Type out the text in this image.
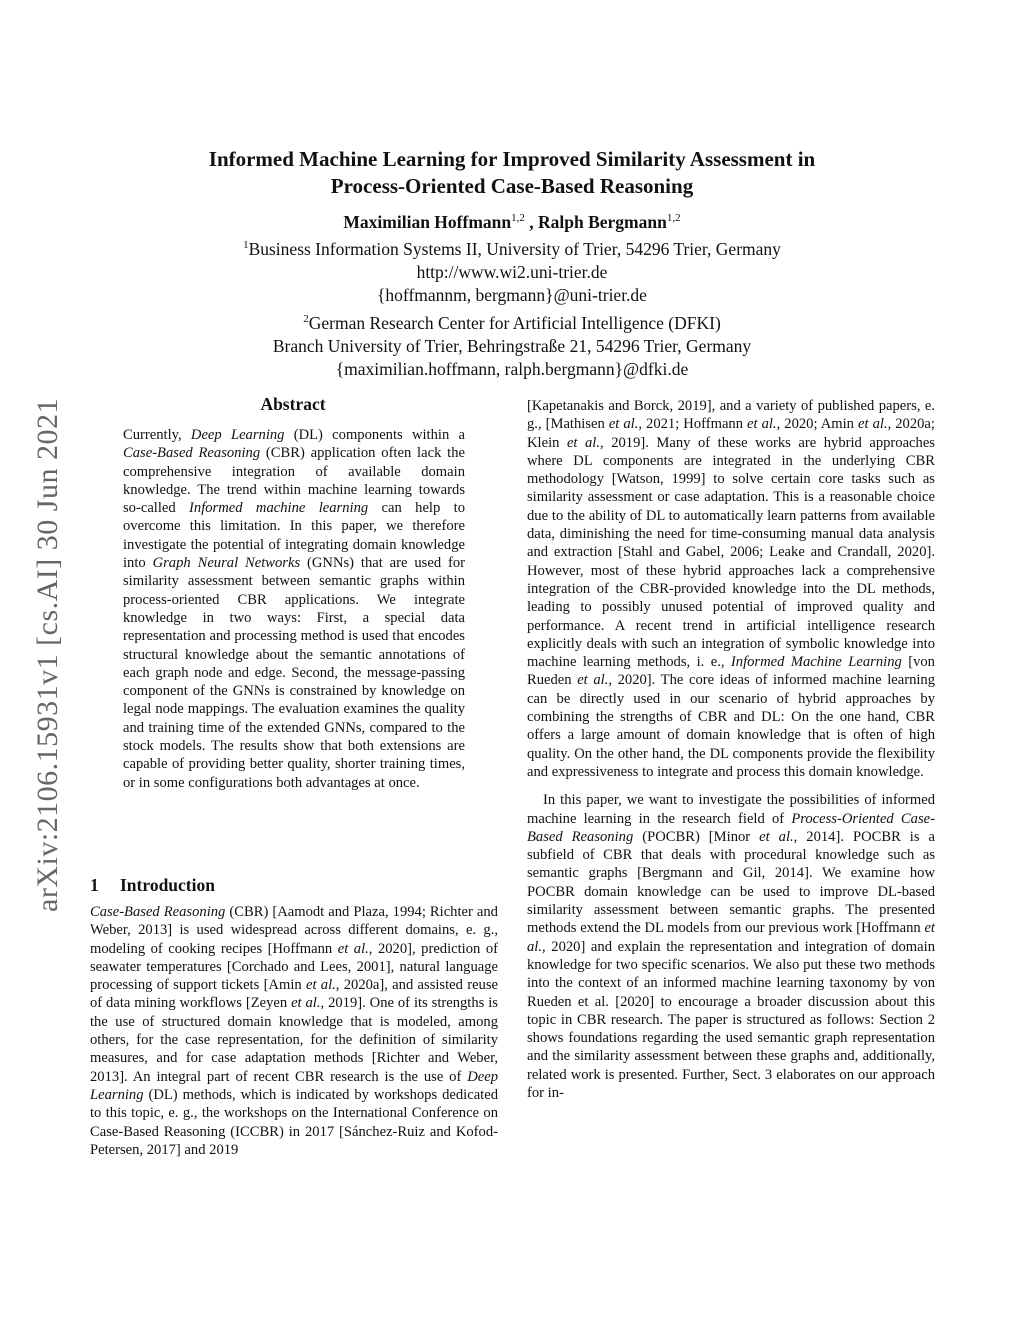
arXiv:2106.15931v1 [cs.AI] 30 Jun 2021
Informed Machine Learning for Improved Similarity Assessment in
Process-Oriented Case-Based Reasoning
Maximilian Hoffmann$^{1,2}$ , Ralph Bergmann$^{1,2}$
$^1$Business Information Systems II, University of Trier, 54296 Trier, Germany
http://www.wi2.uni-trier.de
{hoffmannm, bergmann}@uni-trier.de
$^2$German Research Center for Artificial Intelligence (DFKI)
Branch University of Trier, Behringstraße 21, 54296 Trier, Germany
{maximilian.hoffmann, ralph.bergmann}@dfki.de
Abstract

Currently, Deep Learning (DL) components within a Case-Based Reasoning (CBR) application often lack the comprehensive integration of available domain knowledge. The trend within machine learning towards so-called Informed machine learning can help to overcome this limitation. In this paper, we therefore investigate the potential of integrating domain knowledge into Graph Neural Networks (GNNs) that are used for similarity assessment between semantic graphs within process-oriented CBR applications. We integrate knowledge in two ways: First, a special data representation and processing method is used that encodes structural knowledge about the semantic annotations of each graph node and edge. Second, the message-passing component of the GNNs is constrained by knowledge on legal node mappings. The evaluation examines the quality and training time of the extended GNNs, compared to the stock models. The results show that both extensions are capable of providing better quality, shorter training times, or in some configurations both advantages at once.

1 Introduction

Case-Based Reasoning (CBR) [Aamodt and Plaza, 1994; Richter and Weber, 2013] is used widespread across different domains, e. g., modeling of cooking recipes [Hoffmann et al., 2020], prediction of seawater temperatures [Corchado and Lees, 2001], natural language processing of support tickets [Amin et al., 2020a], and assisted reuse of data mining workflows [Zeyen et al., 2019]. One of its strengths is the use of structured domain knowledge that is modeled, among others, for the case representation, for the definition of similarity measures, and for case adaptation methods [Richter and Weber, 2013]. An integral part of recent CBR research is the use of Deep Learning (DL) methods, which is indicated by workshops dedicated to this topic, e. g., the workshops on the International Conference on Case-Based Reasoning (ICCBR) in 2017 [Sánchez-Ruiz and Kofod-Petersen, 2017] and 2019

[Kapetanakis and Borck, 2019], and a variety of published papers, e. g., [Mathisen et al., 2021; Hoffmann et al., 2020; Amin et al., 2020a; Klein et al., 2019]. Many of these works are hybrid approaches where DL components are integrated in the underlying CBR methodology [Watson, 1999] to solve certain core tasks such as similarity assessment or case adaptation. This is a reasonable choice due to the ability of DL to automatically learn patterns from available data, diminishing the need for time-consuming manual data analysis and extraction [Stahl and Gabel, 2006; Leake and Crandall, 2020]. However, most of these hybrid approaches lack a comprehensive integration of the CBR-provided knowledge into the DL methods, leading to possibly unused potential of improved quality and performance. A recent trend in artificial intelligence research explicitly deals with such an integration of symbolic knowledge into machine learning methods, i. e., Informed Machine Learning [von Rueden et al., 2020]. The core ideas of informed machine learning can be directly used in our scenario of hybrid approaches by combining the strengths of CBR and DL: On the one hand, CBR offers a large amount of domain knowledge that is often of high quality. On the other hand, the DL components provide the flexibility and expressiveness to integrate and process this domain knowledge.

In this paper, we want to investigate the possibilities of informed machine learning in the research field of Process-Oriented Case-Based Reasoning (POCBR) [Minor et al., 2014]. POCBR is a subfield of CBR that deals with procedural knowledge such as semantic graphs [Bergmann and Gil, 2014]. We examine how POCBR domain knowledge can be used to improve DL-based similarity assessment between semantic graphs. The presented methods extend the DL models from our previous work [Hoffmann et al., 2020] and explain the representation and integration of domain knowledge for two specific scenarios. We also put these two methods into the context of an informed machine learning taxonomy by von Rueden et al. [2020] to encourage a broader discussion about this topic in CBR research. The paper is structured as follows: Section 2 shows foundations regarding the used semantic graph representation and the similarity assessment between these graphs and, additionally, related work is presented. Further, Sect. 3 elaborates on our approach for in-
